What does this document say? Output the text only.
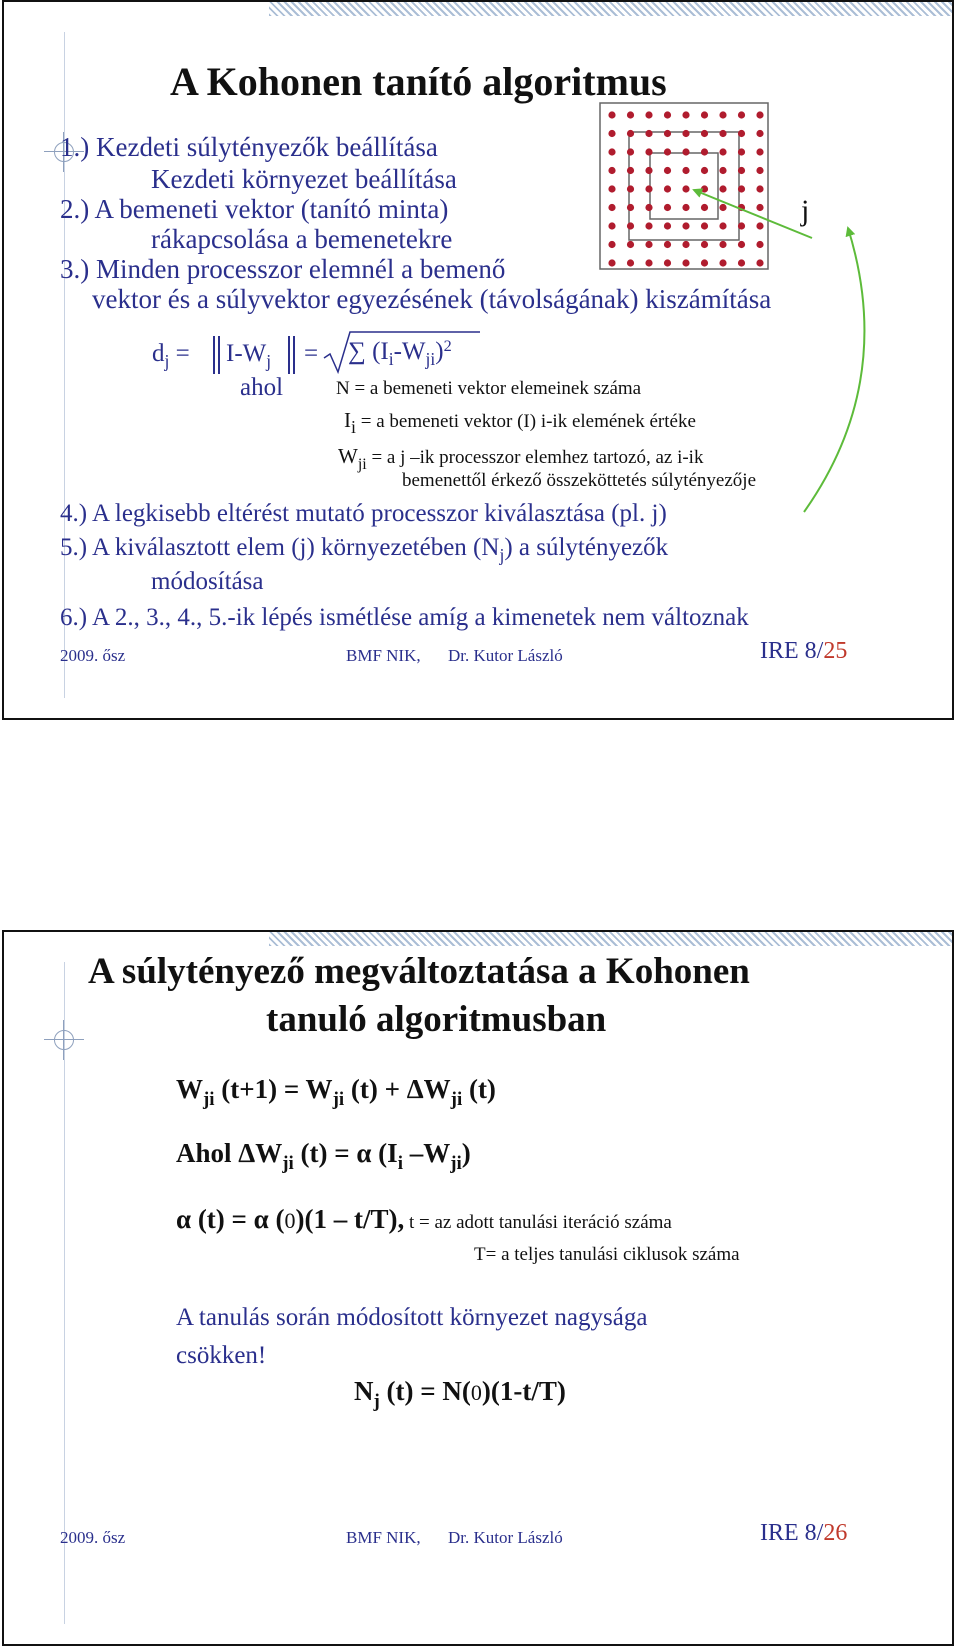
A Kohonen tanító algoritmus
1.) Kezdeti súlytényezők beállítása
Kezdeti környezet beállítása
2.) A bemeneti vektor (tanító minta)
rákapcsolása a bemenetekre
3.) Minden processzor elemnél a bemenő
vektor és a súlyvektor egyezésének (távolságának) kiszámítása
j
$d_j = I-W_j$ = ∑ $(I_i-W_{ji})^2$
ahol	N = a bemeneti vektor elemeinek száma
Ii = a bemeneti vektor (I) i-ik elemének értéke
$W_{ji} = a$ j –ik processzor elemhez tartozó, az i-ik
bemenettől érkező összeköttetés súlytényezője
4.) A legkisebb eltérést mutató processzor kiválasztása (pl. j)
5.) A kiválasztott elem (j) környezetében $(N_j)$ a súlytényezők
módosítása
6.) A 2., 3., 4., 5.-ik lépés ismétlése amíg a kimenetek nem változnak
2009. ősz	BMF NIK, Dr. Kutor László	IRE 8/25
A súlytényező megváltoztatása a Kohonen
tanuló algoritmusban
$W_{ji}$ $(t+1) = W_{ji}$ $(t) + \Delta W_{ji}$ (t)
Ahol $\Delta W_{ji}$ (t) = α ($I_i$ $-W_{ji}$)
α (t) = α (0)(1 – t/T), t = az adott tanulási iteráció száma
T= a teljes tanulási ciklusok száma
A tanulás során módosított környezet nagysága
csökken!
$N_j$ (t) = N(0)(1-t/T)
2009. ősz	BMF NIK, Dr. Kutor László	IRE 8/26
